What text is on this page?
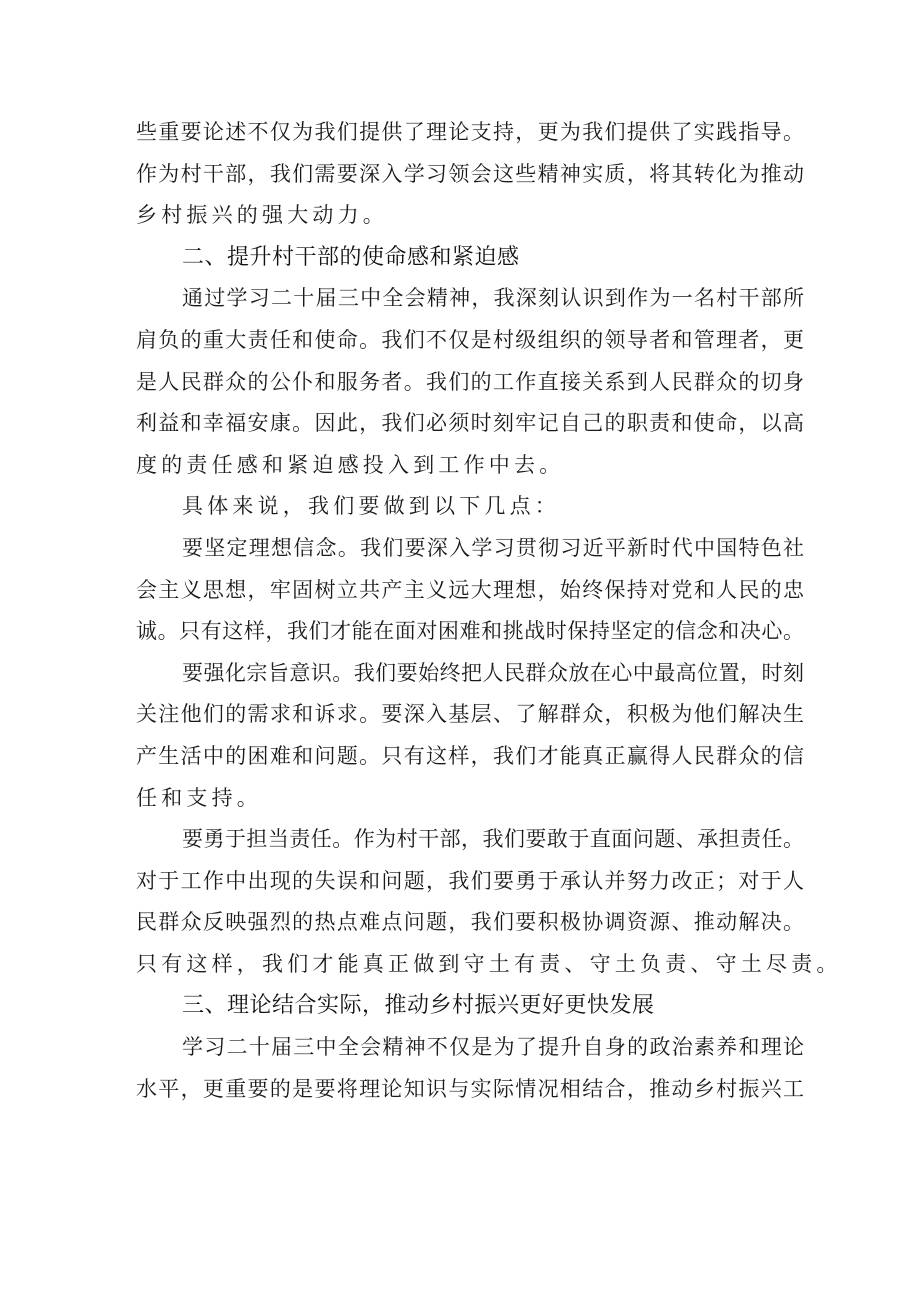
些重要论述不仅为我们提供了理论支持，更为我们提供了实践指导。
作为村干部，我们需要深入学习领会这些精神实质，将其转化为推动
乡村振兴的强大动力。
二、提升村干部的使命感和紧迫感
通过学习二十届三中全会精神，我深刻认识到作为一名村干部所
肩负的重大责任和使命。我们不仅是村级组织的领导者和管理者，更
是人民群众的公仆和服务者。我们的工作直接关系到人民群众的切身
利益和幸福安康。因此，我们必须时刻牢记自己的职责和使命，以高
度的责任感和紧迫感投入到工作中去。
具体来说，我们要做到以下几点：
要坚定理想信念。我们要深入学习贯彻习近平新时代中国特色社
会主义思想，牢固树立共产主义远大理想，始终保持对党和人民的忠
诚。只有这样，我们才能在面对困难和挑战时保持坚定的信念和决心。
要强化宗旨意识。我们要始终把人民群众放在心中最高位置，时刻
关注他们的需求和诉求。要深入基层、了解群众，积极为他们解决生
产生活中的困难和问题。只有这样，我们才能真正赢得人民群众的信
任和支持。
要勇于担当责任。作为村干部，我们要敢于直面问题、承担责任。
对于工作中出现的失误和问题，我们要勇于承认并努力改正；对于人
民群众反映强烈的热点难点问题，我们要积极协调资源、推动解决。
只有这样，我们才能真正做到守土有责、守土负责、守土尽责。
三、理论结合实际，推动乡村振兴更好更快发展
学习二十届三中全会精神不仅是为了提升自身的政治素养和理论
水平，更重要的是要将理论知识与实际情况相结合，推动乡村振兴工
